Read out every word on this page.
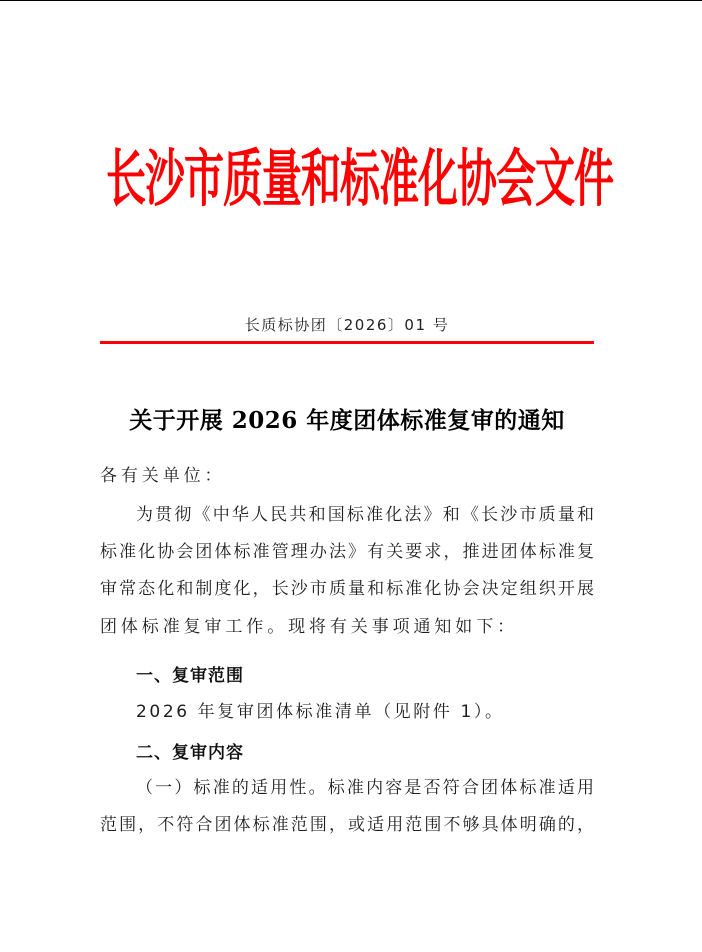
长 沙 市 质 量 和 标 准 化 协 会 文 件
长质标协团〔2026〕01 号
关于开展 2026 年度团体标准复审的通知
各有关单位：
为贯彻《中华人民共和国标准化法》和《长沙市质量和
标准化协会团体标准管理办法》有关要求，推进团体标准复
审常态化和制度化，长沙市质量和标准化协会决定组织开展
团体标准复审工作。现将有关事项通知如下：
一、复审范围
2026 年复审团体标准清单（见附件 1）。
二、复审内容
（一）标准的适用性。标准内容是否符合团体标准适用
范围，不符合团体标准范围，或适用范围不够具体明确的，
